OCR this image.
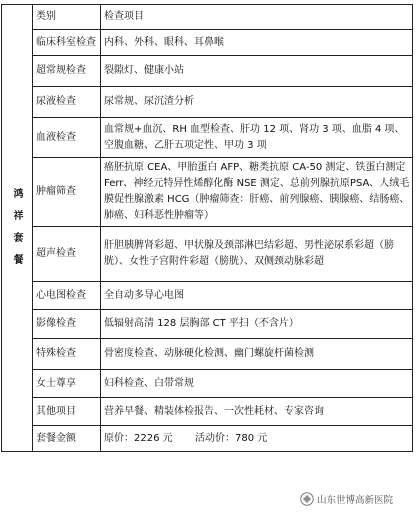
鸿祥套餐	类别	检查项目
	临床科室检查	内科、外科、眼科、耳鼻喉
	超常规检查	裂隙灯、健康小站
	尿液检查	尿常规、尿沉渣分析
	血液检查	血常规+血沉、RH 血型检查、肝功 12 项、肾功 3 项、血脂 4 项、空腹血糖、乙肝五项定性、甲功 3 项
	肿瘤筛查	癌胚抗原 CEA、甲胎蛋白 AFP、糖类抗原 CA-50 测定、铁蛋白测定 Ferr、神经元特异性烯醇化酶 NSE 测定、总前列腺抗原PSA、人绒毛膜促性腺激素 HCG（肿瘤筛查：肝癌、前列腺癌、胰腺癌、结肠癌、肺癌、妇科恶性肿瘤等）
	超声检查	肝胆胰脾肾彩超、甲状腺及颈部淋巴结彩超、男性泌尿系彩超（膀胱）、女性子宫附件彩超（膀胱）、双侧颈动脉彩超
	心电图检查	全自动多导心电图
	影像检查	低辐射高清 128 层胸部 CT 平扫（不含片）
	特殊检查	骨密度检查、动脉硬化检测、幽门螺旋杆菌检测
	女士尊享	妇科检查、白带常规
	其他项目	营养早餐、精装体检报告、一次性耗材、专家咨询
	套餐金额	原价：2226 元 活动价：780 元
山东世博高新医院
